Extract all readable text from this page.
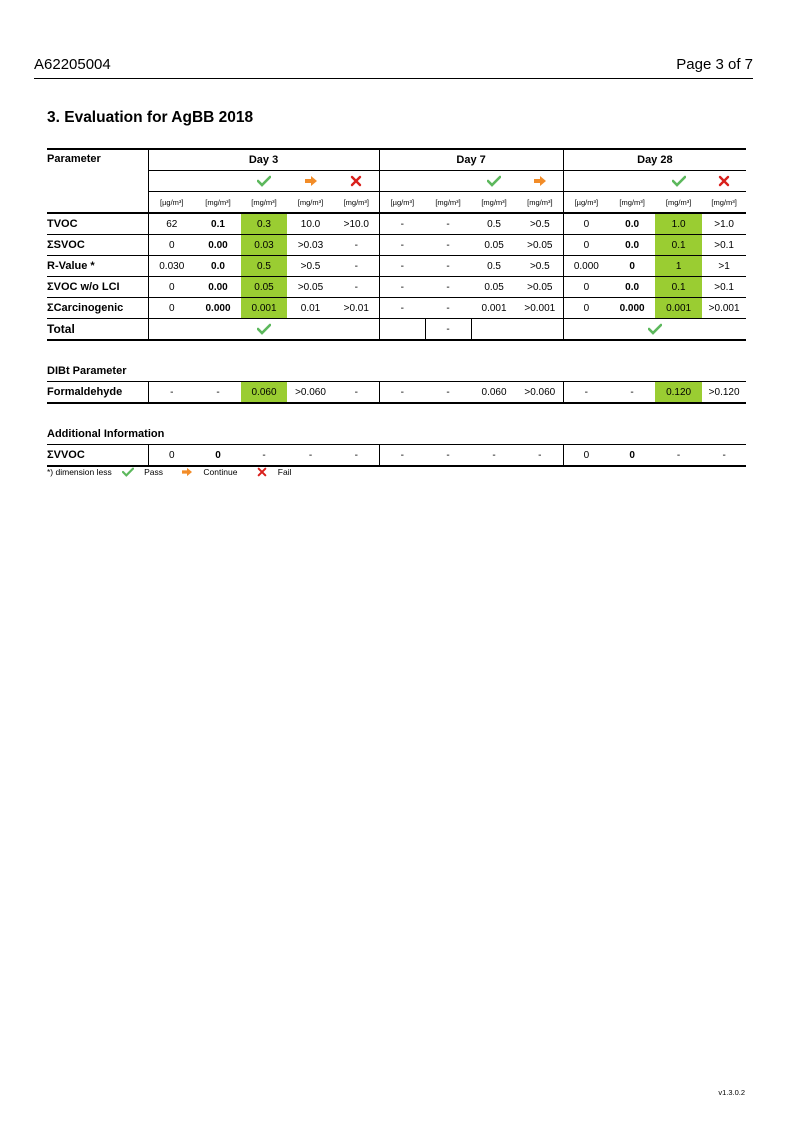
A62205004	Page 3 of 7
3. Evaluation for AgBB 2018
Parameter	Day 3					Day 7				Day 28			

	[µg/m³]	[mg/m³]	[mg/m³]	[mg/m³]	[mg/m³]	[µg/m³]	[mg/m³]	[mg/m³]	[mg/m³]	[µg/m³]	[mg/m³]	[mg/m³]	[mg/m³]
TVOC	62	0.1	0.3	10.0	>10.0	-	-	0.5	>0.5	0	0.0	1.0	>1.0
ΣSVOC	0	0.00	0.03	>0.03	-	-	-	0.05	>0.05	0	0.0	0.1	>0.1
R-Value *	0.030	0.0	0.5	>0.5	-	-	-	0.5	>0.5	0.000	0	1	>1
ΣVOC w/o LCI	0	0.00	0.05	>0.05	-	-	-	0.05	>0.05	0	0.0	0.1	>0.1
ΣCarcinogenic	0	0.000	0.001	0.01	>0.01	-	-	0.001	>0.001	0	0.000	0.001	>0.001
Total							-		

DIBt Parameter													
Formaldehyde	-	-	0.060	>0.060	-	-	-	0.060	>0.060	-	-	0.120	>0.120

Additional Information													
ΣVVOC	0	0	-	-	-	-	-	-	-	0	0	-	-
*) dimension less	Pass	Continue	Fail
v1.3.0.2
